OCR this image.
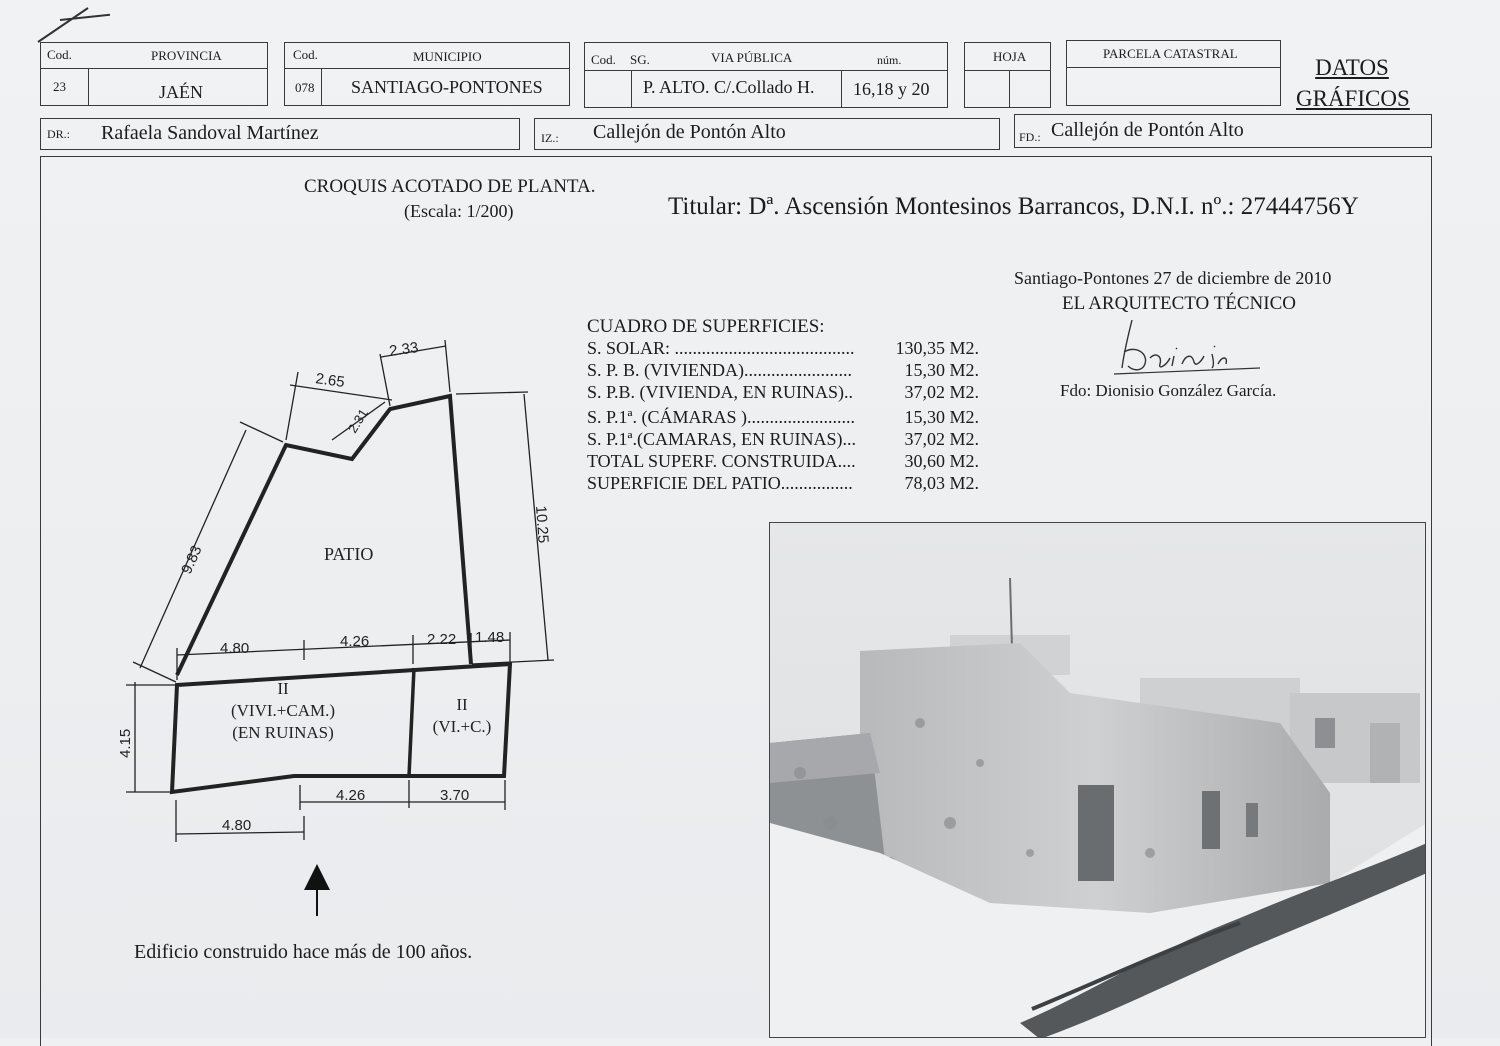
Cod.	PROVINCIA
23	JAÉN
Cod.	MUNICIPIO
078 SANTIAGO-PONTONES
Cod. SG.	VIA PÚBLICA	núm.
P. ALTO. C/.Collado H. 16,18 y 20
HOJA	PARCELA CATASTRAL
DATOS
GRÁFICOS
DR.: Rafaela Sandoval Martínez	IZ.: Callejón de Pontón Alto	FD.: Callejón de Pontón Alto
CROQUIS ACOTADO DE PLANTA.
(Escala: 1/200)	Titular: Dª. Ascensión Montesinos Barrancos, D.N.I. nº.: 27444756Y
Santiago-Pontones 27 de diciembre de 2010
EL ARQUITECTO TÉCNICO
Fdo: Dionisio González García.
CUADRO DE SUPERFICIES:
S. SOLAR: ........................................ 130,35 M2.
S. P. B. (VIVIENDA)........................	15,30 M2.
S. P.B. (VIVIENDA, EN RUINAS)..	37,02 M2.
S. P.1ª. (CÁMARAS )........................	15,30 M2.
S. P.1ª.(CAMARAS, EN RUINAS)...	37,02 M2.
TOTAL SUPERF. CONSTRUIDA....	30,60 M2.
SUPERFICIE DEL PATIO................	78,03 M2.
PATIO
II
(VIVI.+CAM.)
(EN RUINAS)
II
(VI.+C.)
9.83
2.65
2.33
2.31
10.25
4.80	4.26	2.22 1.48
4.15
4.26	3.70
4.80
Edificio construido hace más de 100 años.
